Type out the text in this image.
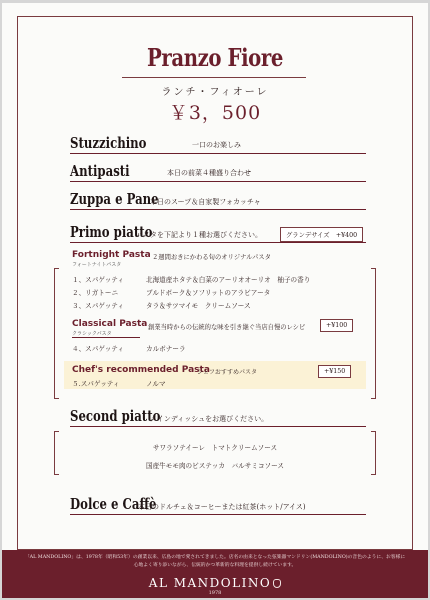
Pranzo Fiore
ランチ・フィオーレ
￥3，500
Stuzzichino	一口のお楽しみ
Antipasti	本日の前菜４種盛り合わせ
Zuppa e Pane
本日のスープ＆自家製フォカッチャ
Primo piatto
パスタを下記より１種お選びください。	グランデサイズ　+¥400
Fortnight Pasta ２週間おきにかわる旬のオリジナルパスタ
フォートナイトパスタ
１、スパゲッティ	北海道産ホタテ＆白菜のアーリオオーリオ　柚子の香り
２、リガトーニ	ブルドボーク＆ソフリットのアラビアータ
３、スパゲッティ	タラ＆サツマイモ　クリームソース
Classical Pasta
クラシックパスタ
創業当時からの伝統的な味を引き継ぐ当店自慢のレシピ	+¥100
４、スパゲッティ	カルボナーラ
Chef's recommended Pasta
シェフおすすめパスタ	+¥150
５.スパゲッティ	ノルマ
Second piatto
メインディッシュをお選びください。
サワラソテイーレ　トマトクリームソース
国産牛モモ肉のビステッカ　バルサミコソース
Dolce e Caffè
本日のドルチェ＆コーヒーまたは紅茶(ホット/アイス)
「AL MANDOLINO」は、1978年（昭和53年）の創業以来、広島の地で愛されてきました。店名の由来となった弦楽器マンドリン(MANDOLINO)の音色のように、お客様に心地よく寄り添いながら、伝統的かつ革新的な料理を提供し続けています。
AL MANDOLINO
1978
